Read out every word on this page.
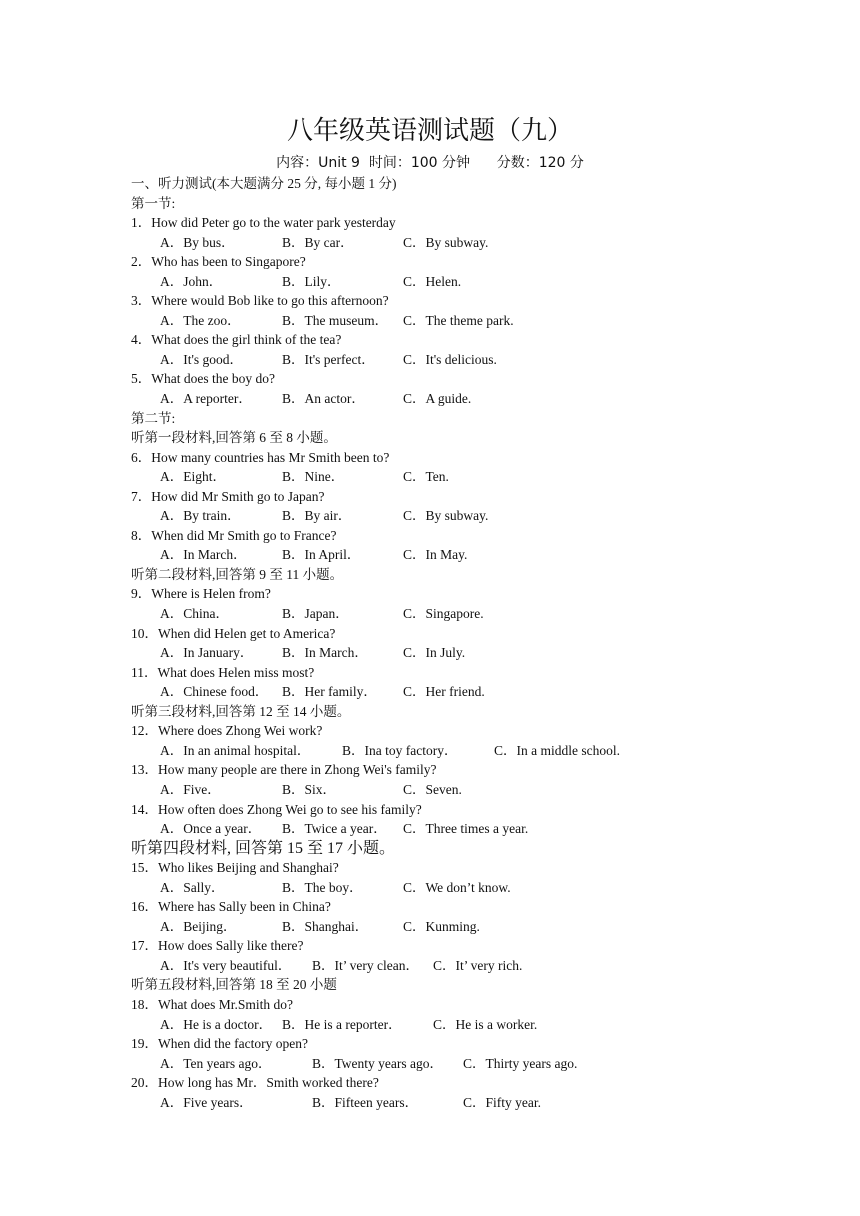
八年级英语测试题（九）
内容：Unit 9  时间：100 分钟      分数：120 分
一、听力测试(本大题满分 25 分, 每小题 1 分)
第一节:
1．How did Peter go to the water park yesterday
A．By bus．	B．By car．	C．By subway.
2．Who has been to Singapore?
A．John．	B．Lily．	C．Helen.
3．Where would Bob like to go this afternoon?
A．The zoo．	B．The museum． C．The theme park.
4．What does the girl think of the tea?
A．It's good．	B．It's perfect． C．It's delicious.
5．What does the boy do?
A．A reporter． B．An actor．	C．A guide.
第二节:
听第一段材料,回答第 6 至 8 小题。
6．How many countries has Mr Smith been to?
A．Eight．	B．Nine．	C．Ten.
7．How did Mr Smith go to Japan?
A．By train．	B．By air．	C．By subway.
8．When did Mr Smith go to France?
A．In March．	B．In April．	C．In May.
听第二段材料,回答第 9 至 11 小题。
9．Where is Helen from?
A．China．	B．Japan．	C．Singapore.
10．When did Helen get to America?
A．In January． B．In March．	C．In July.
11．What does Helen miss most?
A．Chinese food． B．Her family． C．Her friend.
听第三段材料,回答第 12 至 14 小题。
12．Where does Zhong Wei work?
A．In an animal hospital． B．Ina toy factory．	C．In a middle school.
13．How many people are there in Zhong Wei's family?
A．Five．	B．Six．	C．Seven.
14．How often does Zhong Wei go to see his family?
A．Once a year． B．Twice a year． C．Three times a year.
听第四段材料, 回答第 15 至 17 小题。
15．Who likes Beijing and Shanghai?
A．Sally．	B．The boy．	C．We don’t know.
16．Where has Sally been in China?
A．Beijing．	B．Shanghai．	C．Kunming.
17．How does Sally like there?
A．It's very beautiful． B．It’ very clean． C．It’ very rich.
听第五段材料,回答第 18 至 20 小题
18．What does Mr.Smith do?
A．He is a doctor． B．He is a reporter． C．He is a worker.
19．When did the factory open?
A．Ten years ago．	B．Twenty years ago． C．Thirty years ago.
20．How long has Mr．Smith worked there?
A．Five years．	B．Fifteen years．	C．Fifty year.
